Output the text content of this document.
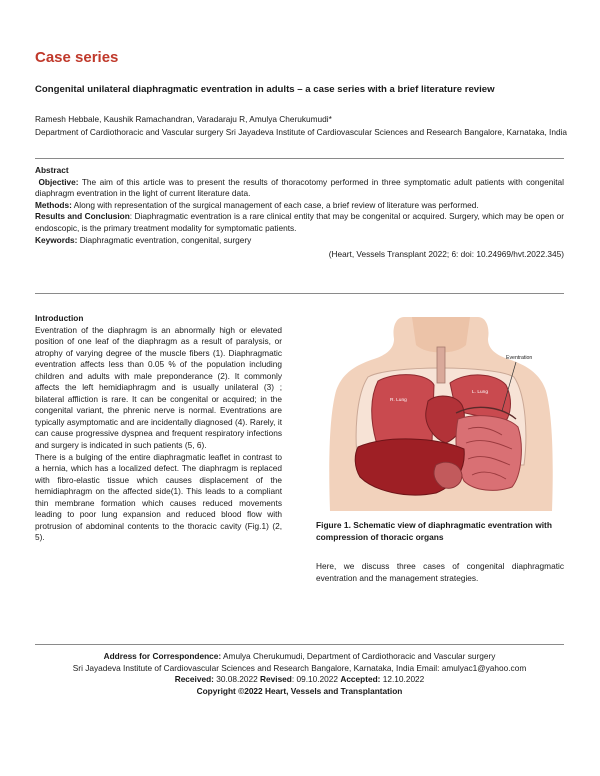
Case series
Congenital unilateral diaphragmatic eventration in adults – a case series with a brief literature review
Ramesh Hebbale, Kaushik Ramachandran, Varadaraju R, Amulya Cherukumudi*
Department of Cardiothoracic and Vascular surgery Sri Jayadeva Institute of Cardiovascular Sciences and Research Bangalore, Karnataka, India

Abstract

Objective: The aim of this article was to present the results of thoracotomy performed in three symptomatic adult patients with congenital diaphragm eventration in the light of current literature data.

Methods: Along with representation of the surgical management of each case, a brief review of literature was performed.

Results and Conclusion: Diaphragmatic eventration is a rare clinical entity that may be congenital or acquired. Surgery, which may be open or endoscopic, is the primary treatment modality for symptomatic patients.

Keywords: Diaphragmatic eventration, congenital, surgery

(Heart, Vessels Transplant 2022; 6: doi: 10.24969/hvt.2022.345)

Introduction

Eventration of the diaphragm is an abnormally high or elevated position of one leaf of the diaphragm as a result of paralysis, or atrophy of varying degree of the muscle fibers (1). Diaphragmatic eventration affects less than 0.05 % of the population including children and adults with male preponderance (2). It commonly affects the left hemidiaphragm and is usually unilateral (3) ; bilateral affliction is rare. It can be congenital or acquired; in the congenital variant, the phrenic nerve is normal. Eventrations are typically asymptomatic and are incidentally diagnosed (4). Rarely, it can cause progressive dyspnea and frequent respiratory infections and surgery is indicated in such patients (5, 6).

There is a bulging of the entire diaphragmatic leaflet in contrast to a hernia, which has a localized defect. The diaphragm is replaced with fibro-elastic tissue which causes displacement of the hemidiaphragm on the affected side(1). This leads to a compliant thin membrane formation which causes reduced movements leading to poor lung expansion and reduced blood flow with protrusion of abdominal contents to the thoracic cavity (Fig.1) (2, 5).

R. Lung
L. Lung
Eventration
Figure 1. Schematic view of diaphragmatic eventration with compression of thoracic organs
Here, we discuss three cases of congenital diaphragmatic eventration and the management strategies.

Address for Correspondence: Amulya Cherukumudi, Department of Cardiothoracic and Vascular surgery

Sri Jayadeva Institute of Cardiovascular Sciences and Research Bangalore, Karnataka, India Email: amulyac1@yahoo.com

Received: 30.08.2022 Revised: 09.10.2022 Accepted: 12.10.2022

Copyright ©2022 Heart, Vessels and Transplantation
